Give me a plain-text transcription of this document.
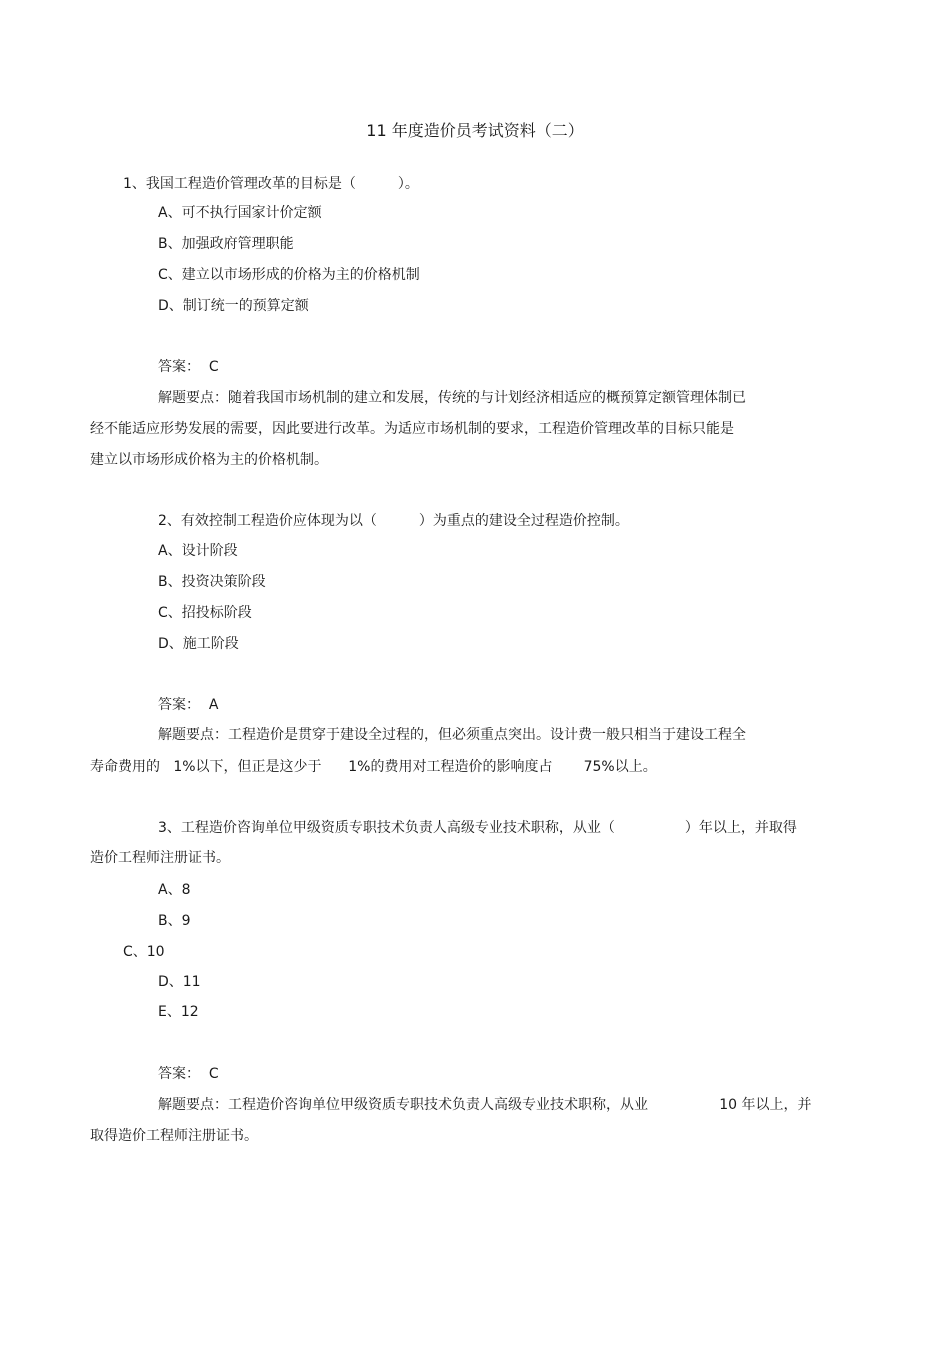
11 年度造价员考试资料（二）
1、我国工程造价管理改革的目标是（　　　）。
A、可不执行国家计价定额
B、加强政府管理职能
C、建立以市场形成的价格为主的价格机制
D、制订统一的预算定额
答案：  C
解题要点：随着我国市场机制的建立和发展，传统的与计划经济相适应的概预算定额管理体制已
经不能适应形势发展的需要，因此要进行改革。为适应市场机制的要求，工程造价管理改革的目标只能是
建立以市场形成价格为主的价格机制。
2、有效控制工程造价应体现为以（　　　）为重点的建设全过程造价控制。
A、设计阶段
B、投资决策阶段
C、招投标阶段
D、施工阶段
答案：  A
解题要点：工程造价是贯穿于建设全过程的，但必须重点突出。设计费一般只相当于建设工程全
寿命费用的   1%以下，但正是这少于      1%的费用对工程造价的影响度占       75%以上。
3、工程造价咨询单位甲级资质专职技术负责人高级专业技术职称，从业（　　　　　）年以上，并取得
造价工程师注册证书。
A、8
B、9
C、10
D、11
E、12
答案：  C
解题要点：工程造价咨询单位甲级资质专职技术负责人高级专业技术职称，从业                10 年以上，并
取得造价工程师注册证书。
